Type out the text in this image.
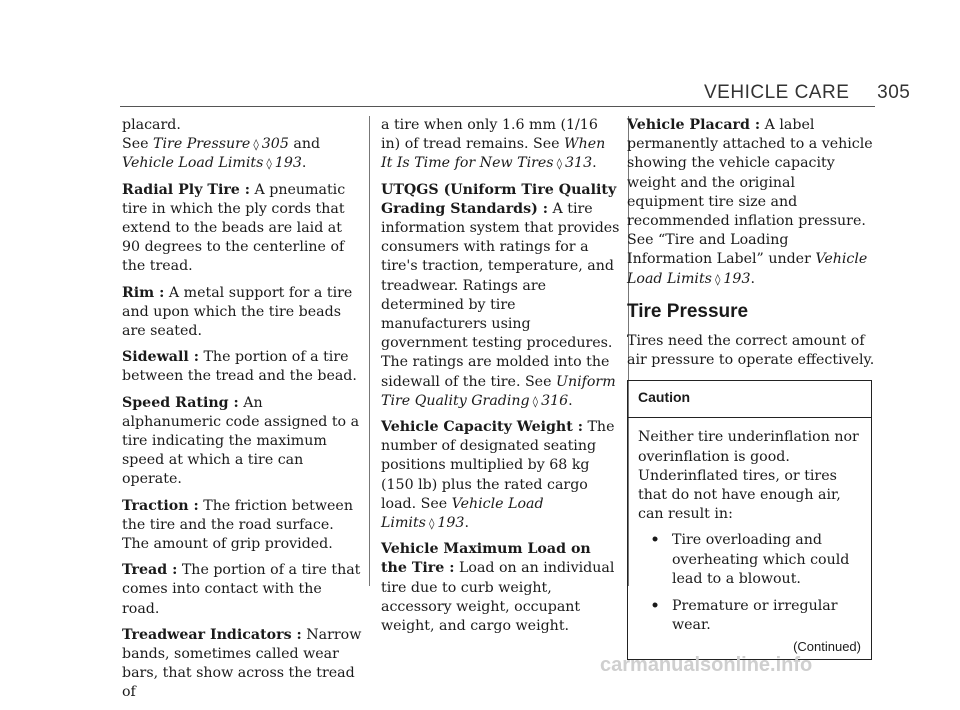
VEHICLE CARE 305

placard.
See Tire Pressure ◊ 305 and Vehicle Load Limits ◊ 193.

Radial Ply Tire : A pneumatic tire in which the ply cords that extend to the beads are laid at 90 degrees to the centerline of the tread.

Rim : A metal support for a tire and upon which the tire beads are seated.

Sidewall : The portion of a tire between the tread and the bead.

Speed Rating : An alphanumeric code assigned to a tire indicating the maximum speed at which a tire can operate.

Traction : The friction between the tire and the road surface. The amount of grip provided.

Tread : The portion of a tire that comes into contact with the road.

Treadwear Indicators : Narrow bands, sometimes called wear bars, that show across the tread of

a tire when only 1.6 mm (1/16 in) of tread remains. See When It Is Time for New Tires ◊ 313.

UTQGS (Uniform Tire Quality Grading Standards) : A tire information system that provides consumers with ratings for a tire's traction, temperature, and treadwear. Ratings are determined by tire manufacturers using government testing procedures. The ratings are molded into the sidewall of the tire. See Uniform Tire Quality Grading ◊ 316.

Vehicle Capacity Weight : The number of designated seating positions multiplied by 68 kg (150 lb) plus the rated cargo load. See Vehicle Load Limits ◊ 193.

Vehicle Maximum Load on the Tire : Load on an individual tire due to curb weight, accessory weight, occupant weight, and cargo weight.

Vehicle Placard : A label permanently attached to a vehicle showing the vehicle capacity weight and the original equipment tire size and recommended inflation pressure. See “Tire and Loading Information Label” under Vehicle Load Limits ◊ 193.

Tire Pressure

Tires need the correct amount of air pressure to operate effectively.

Caution

Neither tire underinflation nor overinflation is good. Underinflated tires, or tires that do not have enough air, can result in:

• Tire overloading and overheating which could lead to a blowout.
• Premature or irregular wear.
(Continued)
carmanualsonline.info
